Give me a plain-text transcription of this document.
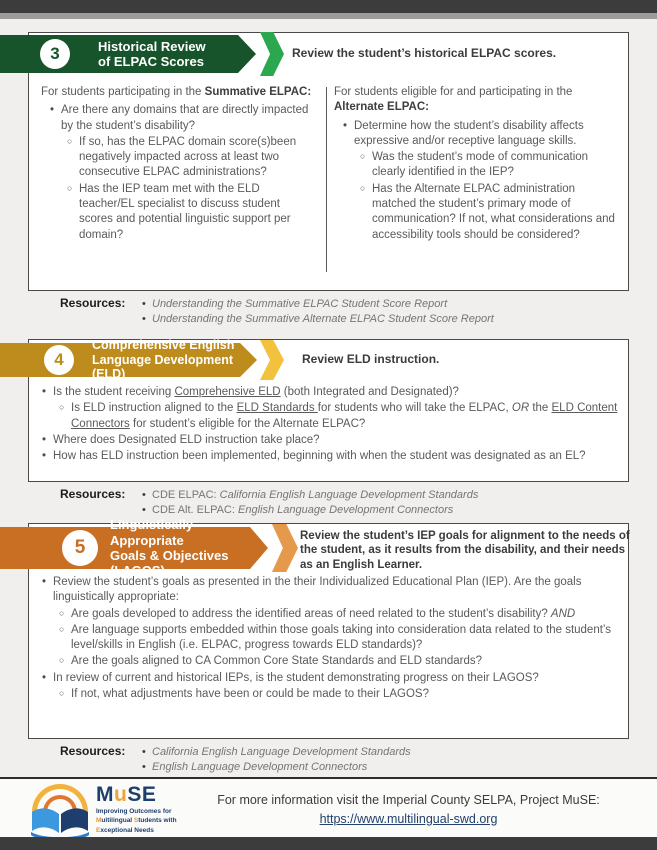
For students participating in the Summative ELPAC:

• Are there any domains that are directly impacted by the student’s disability?
○ If so, has the ELPAC domain score(s)been negatively impacted across at least two consecutive ELPAC administrations?
○ Has the IEP team met with the ELD teacher/EL specialist to discuss student scores and potential linguistic support per domain?

For students eligible for and participating in the Alternate ELPAC:

• Determine how the student’s disability affects expressive and/or receptive language skills.
○ Was the student’s mode of communication clearly identified in the IEP?
○ Has the Alternate ELPAC administration matched the student’s primary mode of communication? If not, what considerations and accessibility tools should be considered?
3	Historical Review
of ELPAC Scores
Review the student’s historical ELPAC scores.
Resources:	• Understanding the Summative ELPAC Student Score Report
• Understanding the Summative Alternate ELPAC Student Score Report
• Is the student receiving Comprehensive ELD (both Integrated and Designated)?
○ Is ELD instruction aligned to the ELD Standards for students who will take the ELPAC, OR the ELD Content Connectors for student’s eligible for the Alternate ELPAC?
• Where does Designated ELD instruction take place?
• How has ELD instruction been implemented, beginning with when the student was designated as an EL?
4
Comprehensive English
Language Development (ELD)
Review ELD instruction.
Resources:	• CDE ELPAC: California English Language Development Standards
• CDE Alt. ELPAC: English Language Development Connectors
• Review the student’s goals as presented in the their Individualized Educational Plan (IEP). Are the goals linguistically appropriate:
○ Are goals developed to address the identified areas of need related to the student’s disability? AND
○ Are language supports embedded within those goals taking into consideration data related to the student’s level/skills in English (i.e. ELPAC, progress towards ELD standards)?
○ Are the goals aligned to CA Common Core State Standards and ELD standards?
• In review of current and historical IEPs, is the student demonstrating progress on their LAGOS?
○ If not, what adjustments have been or could be made to their LAGOS?
5
Linguistically Appropriate
Goals & Objectives (LAGOS)
Review the student’s IEP goals for alignment to the needs of the student, as it results from the disability, and their needs as an English Learner.
Resources:	• California English Language Development Standards
• English Language Development Connectors
MuSE
Improving Outcomes for
Multilingual Students with
Exceptional Needs
For more information visit the Imperial County SELPA, Project MuSE:
https://www.multilingual-swd.org
